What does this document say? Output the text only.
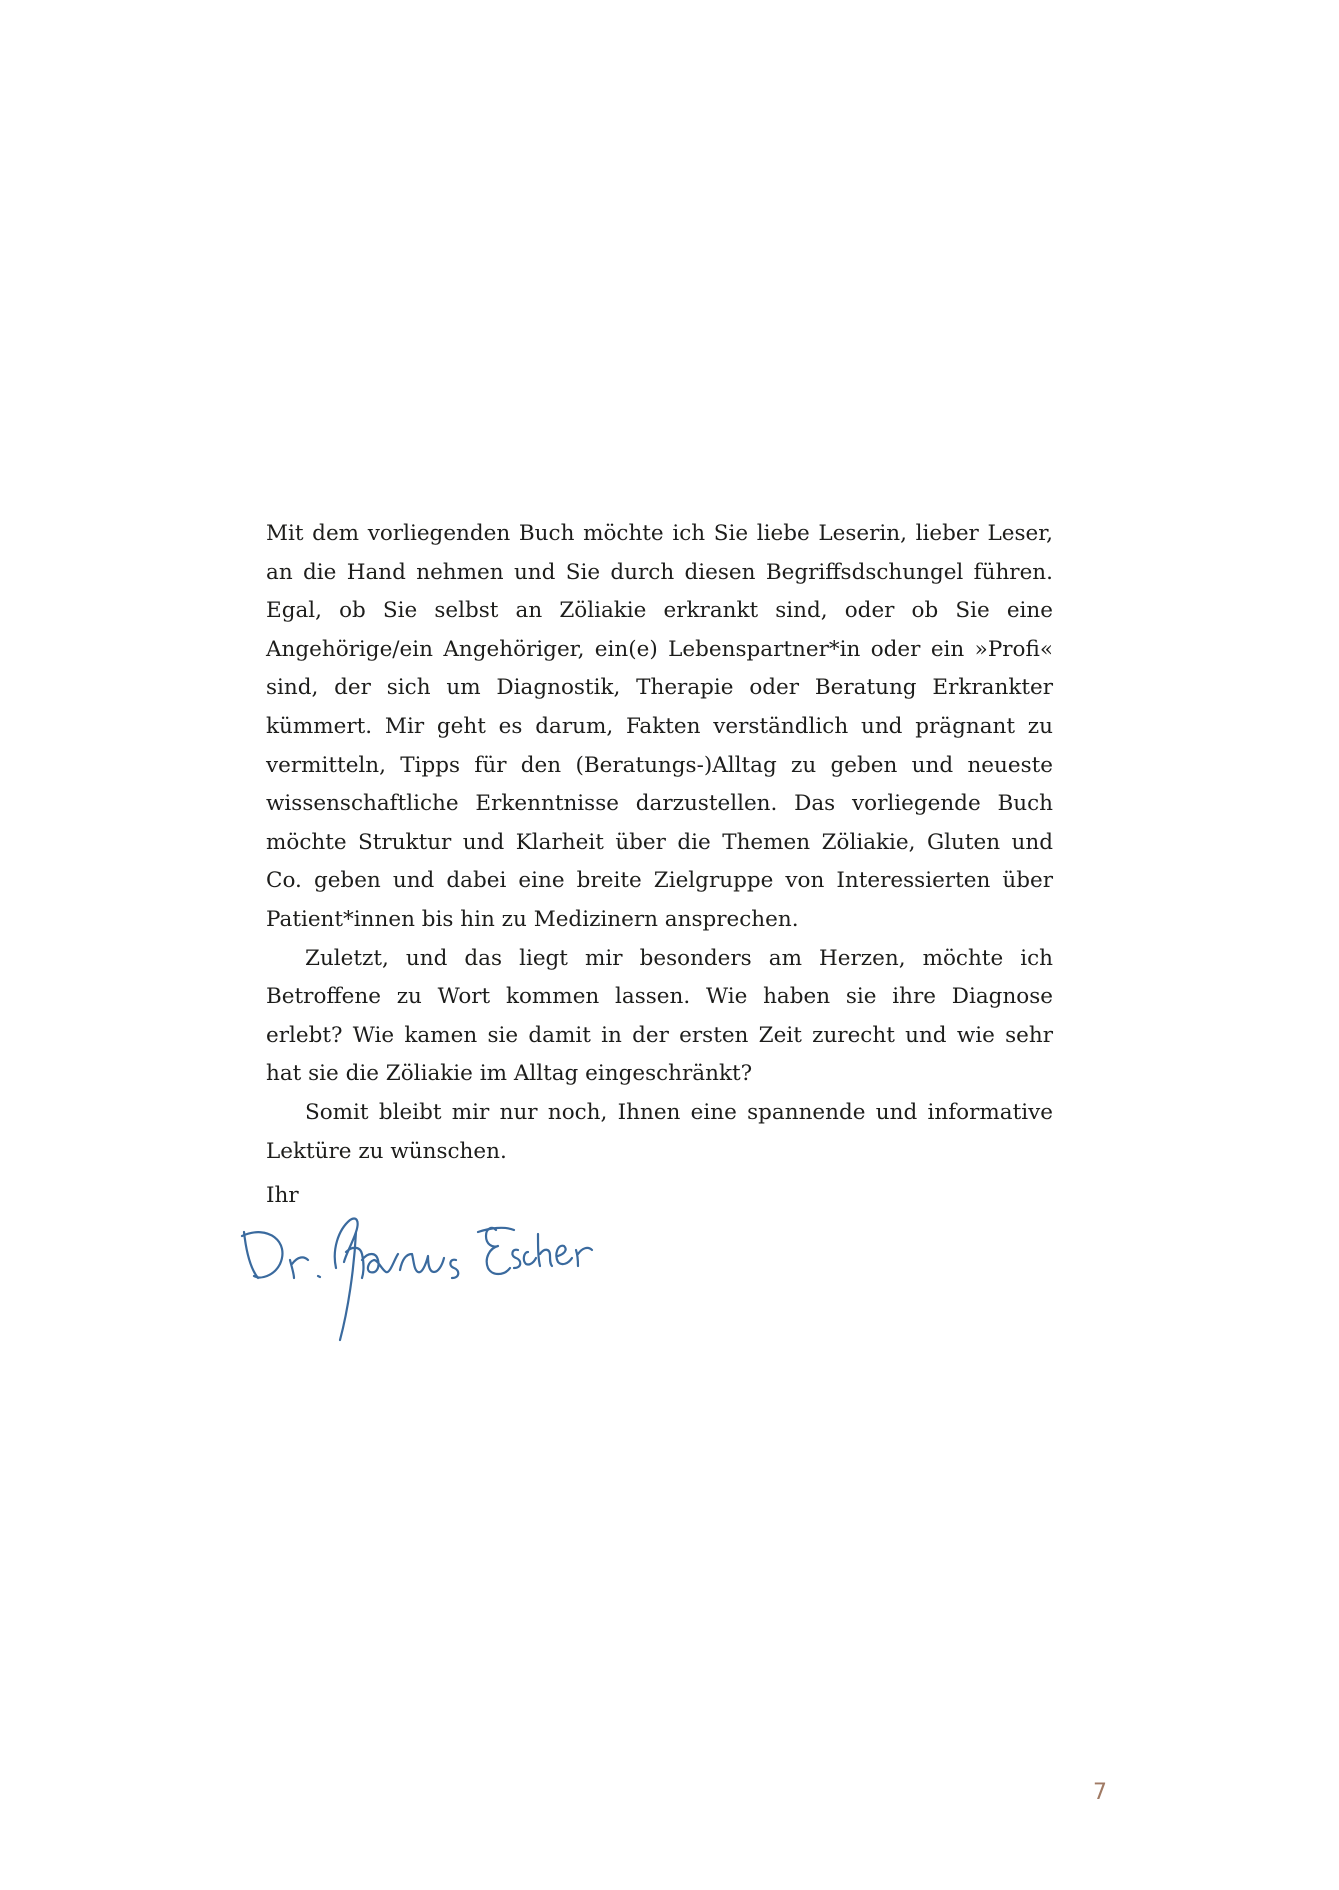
Mit dem vorliegenden Buch möchte ich Sie liebe Leserin, lieber Leser, an die Hand nehmen und Sie durch diesen Begriffsdschungel führen. Egal, ob Sie selbst an Zöliakie erkrankt sind, oder ob Sie eine Angehörige/ein Angehöriger, ein(e) Lebenspartner*in oder ein »Profi« sind, der sich um Diagnostik, Therapie oder Beratung Erkrankter kümmert. Mir geht es darum, Fakten verständlich und prägnant zu vermitteln, Tipps für den (Beratungs-)Alltag zu geben und neueste wissenschaftliche Erkenntnisse darzustellen. Das vorliegende Buch möchte Struktur und Klarheit über die Themen Zöliakie, Gluten und Co. geben und dabei eine breite Zielgruppe von Interessierten über Patient*innen bis hin zu Medizinern ansprechen.

Zuletzt, und das liegt mir besonders am Herzen, möchte ich Betroffene zu Wort kommen lassen. Wie haben sie ihre Diagnose erlebt? Wie kamen sie damit in der ersten Zeit zurecht und wie sehr hat sie die Zöliakie im Alltag eingeschränkt?

Somit bleibt mir nur noch, Ihnen eine spannende und informative Lektüre zu wünschen.

Ihr
7
